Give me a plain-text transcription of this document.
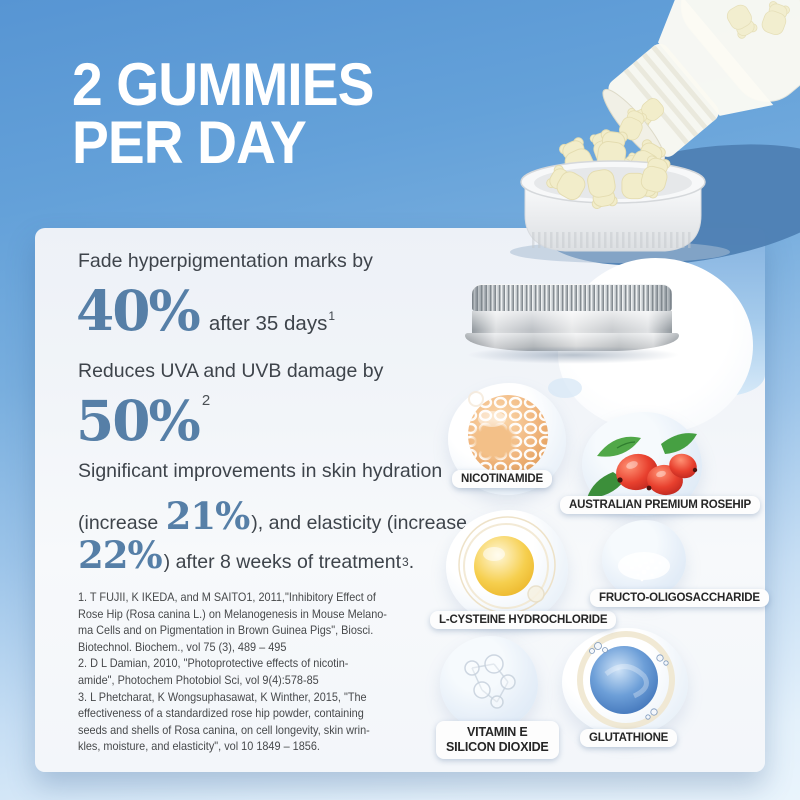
2 GUMMIES
PER DAY
Fade hyperpigmentation marks by
40% after 35 days$^1$
Reduces UVA and UVB damage by
50% 2
Significant improvements in skin hydration
(increase
21% ), and elasticity (increase
22% ) after 8 weeks of treatment$^3$ .
1. T FUJII, K IKEDA, and M SAITO1, 2011,"Inhibitory Effect of
Rose Hip (Rosa canina L.) on Melanogenesis in Mouse Melano-
ma Cells and on Pigmentation in Brown Guinea Pigs", Biosci.
Biotechnol. Biochem., vol 75 (3), 489 – 495
2. D L Damian, 2010, "Photoprotective effects of nicotin-
amide", Photochem Photobiol Sci, vol 9(4):578-85
3. L Phetcharat, K Wongsuphasawat, K Winther, 2015, "The
effectiveness of a standardized rose hip powder, containing
seeds and shells of Rosa canina, on cell longevity, skin wrin-
kles, moisture, and elasticity", vol 10 1849 – 1856.
NICOTINAMIDE
AUSTRALIAN PREMIUM ROSEHIP
L-CYSTEINE HYDROCHLORIDE
FRUCTO-OLIGOSACCHARIDE
VITAMIN E
SILICON DIOXIDE
GLUTATHIONE
